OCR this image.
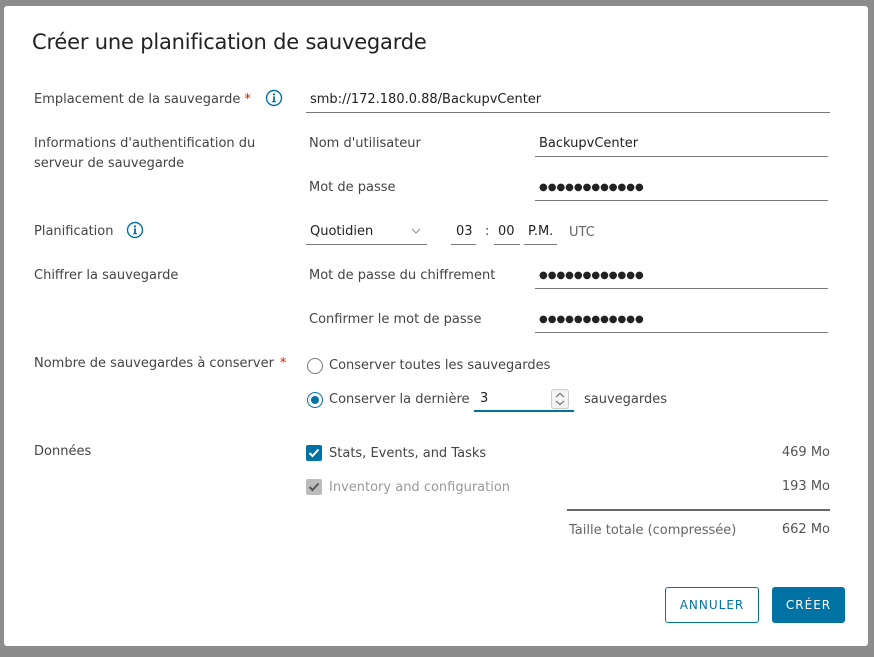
Créer une planification de sauvegarde
Emplacement de la sauvegarde *	smb://172.180.0.88/BackupvCenter
Informations d'authentification du
serveur de sauvegarde
Nom d'utilisateur	BackupvCenter
Mot de passe	●●●●●●●●●●●●
Planification	Quotidien	03 : 00	P.M. UTC
Chiffrer la sauvegarde	Mot de passe du chiffrement	●●●●●●●●●●●●
Confirmer le mot de passe	●●●●●●●●●●●●
Nombre de sauvegardes à conserver *	Conserver toutes les sauvegardes
Conserver la dernière 3	sauvegardes
Données	Stats, Events, and Tasks	469 Mo
Inventory and configuration	193 Mo
Taille totale (compressée)	662 Mo
ANNULER	CRÉER
